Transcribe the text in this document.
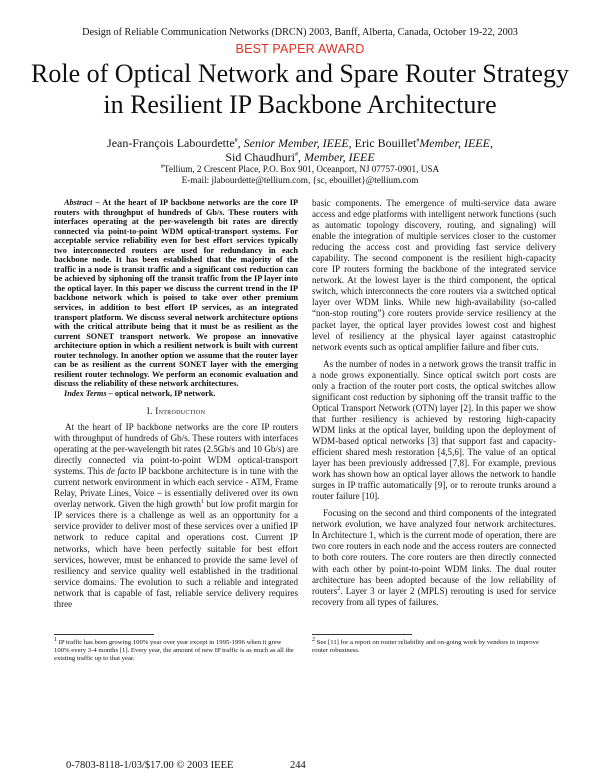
Design of Reliable Communication Networks (DRCN) 2003, Banff, Alberta, Canada, October 19-22, 2003
BEST PAPER AWARD
Role of Optical Network and Spare Router Strategy
in Resilient IP Backbone Architecture
Jean-François Labourdette#, Senior Member, IEEE, Eric Bouillet#Member, IEEE,
Sid Chaudhuri#, Member, IEEE
#Tellium, 2 Crescent Place, P.O. Box 901, Oceanport, NJ 07757-0901, USA
E-mail: jlabourdette@tellium.com, {sc, ebouillet}@tellium.com

Abstract – At the heart of IP backbone networks are the core IP routers with throughput of hundreds of Gb/s. These routers with interfaces operating at the per-wavelength bit rates are directly connected via point-to-point WDM optical-transport systems. For acceptable service reliability even for best effort services typically two interconnected routers are used for redundancy in each backbone node. It has been established that the majority of the traffic in a node is transit traffic and a significant cost reduction can be achieved by siphoning off the transit traffic from the IP layer into the optical layer. In this paper we discuss the current trend in the IP backbone network which is poised to take over other premium services, in addition to best effort IP services, as an integrated transport platform. We discuss several network architecture options with the critical attribute being that it must be as resilient as the current SONET transport network. We propose an innovative architecture option in which a resilient network is built with current router technology. In another option we assume that the router layer can be as resilient as the current SONET layer with the emerging resilient router technology. We perform an economic evaluation and discuss the reliability of these network architectures.

Index Terms – optical network, IP network.

I. Introduction

At the heart of IP backbone networks are the core IP routers with throughput of hundreds of Gb/s. These routers with interfaces operating at the per-wavelength bit rates (2.5Gb/s and 10 Gb/s) are directly connected via point-to-point WDM optical-transport systems. This de facto IP backbone architecture is in tune with the current network environment in which each service - ATM, Frame Relay, Private Lines, Voice – is essentially delivered over its own overlay network. Given the high growth$^1$ but low profit margin for IP services there is a challenge as well as an opportunity for a service provider to deliver most of these services over a unified IP network to reduce capital and operations cost. Current IP networks, which have been perfectly suitable for best effort services, however, must be enhanced to provide the same level of resiliency and service quality well established in the traditional service domains. The evolution to such a reliable and integrated network that is capable of fast, reliable service delivery requires three

basic components. The emergence of multi-service data aware access and edge platforms with intelligent network functions (such as automatic topology discovery, routing, and signaling) will enable the integration of multiple services closer to the customer reducing the access cost and providing fast service delivery capability. The second component is the resilient high-capacity core IP routers forming the backbone of the integrated service network. At the lowest layer is the third component, the optical switch, which interconnects the core routers via a switched optical layer over WDM links. While new high-availability (so-called “non-stop routing”) core routers provide service resiliency at the packet layer, the optical layer provides lowest cost and highest level of resiliency at the physical layer against catastrophic network events such as optical amplifier failure and fiber cuts.

As the number of nodes in a network grows the transit traffic in a node grows exponentially. Since optical switch port costs are only a fraction of the router port costs, the optical switches allow significant cost reduction by siphoning off the transit traffic to the Optical Transport Network (OTN) layer [2]. In this paper we show that further resiliency is achieved by restoring high-capacity WDM links at the optical layer, building upon the deployment of WDM-based optical networks [3] that support fast and capacity-efficient shared mesh restoration [4,5,6]. The value of an optical layer has been previously addressed [7,8]. For example, previous work has shown how an optical layer allows the network to handle surges in IP traffic automatically [9], or to reroute trunks around a router failure [10].

Focusing on the second and third components of the integrated network evolution, we have analyzed four network architectures. In Architecture 1, which is the current mode of operation, there are two core routers in each node and the access routers are connected to both core routers. The core routers are then directly connected with each other by point-to-point WDM links. The dual router architecture has been adopted because of the low reliability of routers$^2$. Layer 3 or layer 2 (MPLS) rerouting is used for service recovery from all types of failures.

$^1$ IP traffic has been growing 100% year over year except in 1995-1996 when it grew 100% every 3-4 months [1]. Every year, the amount of new IP traffic is as much as all the existing traffic up to that year.
$^2$ See [11] for a report on router reliability and on-going work by vendors to improve router robustness.
0-7803-8118-1/03/$17.00 © 2003 IEEE	244
